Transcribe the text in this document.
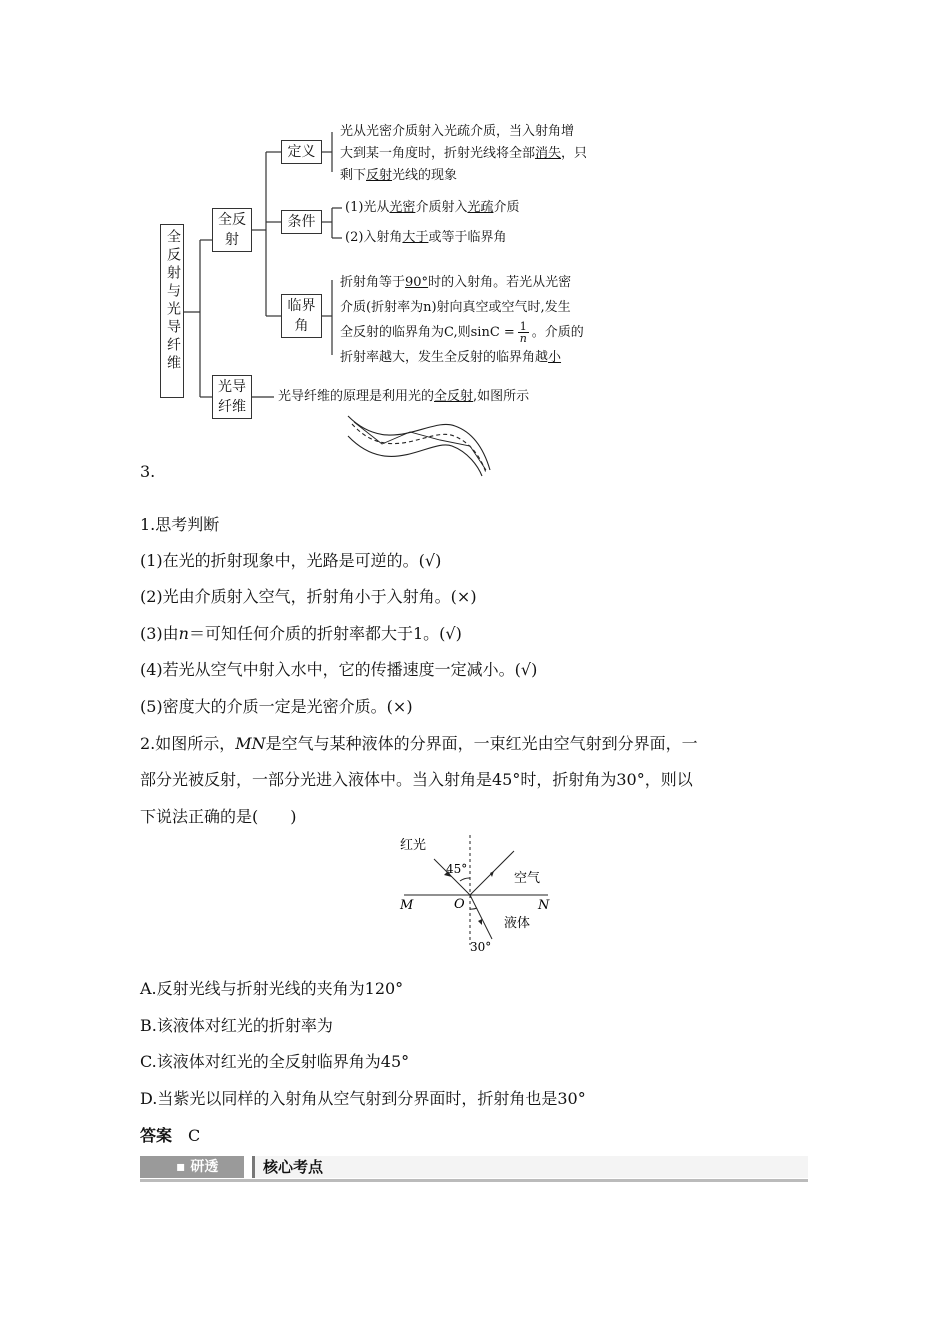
全反射与光导纤维
全反射
光导纤维
定义
条件
临界
角
光从光密介质射入光疏介质，当入射角增
大到某一角度时，折射光线将全部消失，只
剩下反射光线的现象
(1)光从光密介质射入光疏介质
(2)入射角大于或等于临界角
折射角等于90°时的入射角。若光从光密
介质(折射率为n)射向真空或空气时,发生
全反射的临界角为C,则$\sin C = \frac{1}{n}$ 。介质的
折射率越大，发生全反射的临界角越小
光导纤维的原理是利用光的全反射,如图所示
3.
1.思考判断
(1)在光的折射现象中，光路是可逆的。(√)
(2)光由介质射入空气，折射角小于入射角。(×)
(3)由n＝可知任何介质的折射率都大于1。(√)
(4)若光从空气中射入水中，它的传播速度一定减小。(√)
(5)密度大的介质一定是光密介质。(×)
2.如图所示，MN是空气与某种液体的分界面，一束红光由空气射到分界面，一
部分光被反射，一部分光进入液体中。当入射角是45°时，折射角为30°，则以
下说法正确的是(　　)
红光
45°
空气
M	O	N
液体
30°
A.反射光线与折射光线的夹角为120°
B.该液体对红光的折射率为
C.该液体对红光的全反射临界角为45°
D.当紫光以同样的入射角从空气射到分界面时，折射角也是30°
答案 C
▪ 研透	核心考点
